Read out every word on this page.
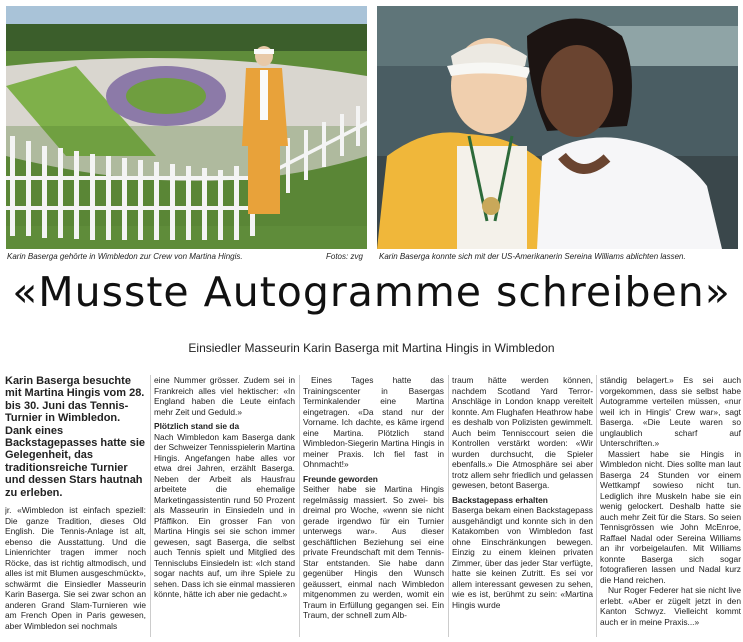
Karin Baserga gehörte in Wimbledon zur Crew von Martina Hingis.	Fotos: zvg Karin Baserga konnte sich mit der US-Amerikanerin Sereina Williams ablichten lassen.
«Musste Autogramme schreiben»
Einsiedler Masseurin Karin Baserga mit Martina Hingis in Wimbledon

Karin Baserga besuchte mit Martina Hingis vom 28. bis 30. Juni das Tennis-Turnier in Wimbledon. Dank eines Backstagepasses hatte sie Gelegenheit, das traditionsreiche Turnier und dessen Stars hautnah zu erleben.

jr. «Wimbledon ist einfach speziell: Die ganze Tradition, dieses Old English. Die Tennis-Anlage ist alt, ebenso die Ausstattung. Und die Linienrichter tragen immer noch Röcke, das ist richtig altmodisch, und alles ist mit Blumen ausgeschmückt», schwärmt die Einsiedler Masseurin Karin Baserga. Sie sei zwar schon an anderen Grand Slam-Turnieren wie am French Open in Paris gewesen, aber Wimbledon sei nochmals

eine Nummer grösser. Zudem sei in Frankreich alles viel hektischer: «In England haben die Leute einfach mehr Zeit und Geduld.»

Plötzlich stand sie da

Nach Wimbledon kam Baserga dank der Schweizer Tennisspielerin Martina Hingis. Angefangen habe alles vor etwa drei Jahren, erzählt Baserga. Neben der Arbeit als Hausfrau arbeitete die ehemalige Marketingassistentin rund 50 Prozent als Masseurin in Einsiedeln und in Pfäffikon. Ein grosser Fan von Martina Hingis sei sie schon immer gewesen, sagt Baserga, die selbst auch Tennis spielt und Mitglied des Tennisclubs Einsiedeln ist: «Ich stand sogar nachts auf, um ihre Spiele zu sehen. Dass ich sie einmal massieren könnte, hätte ich aber nie gedacht.»

Eines Tages hatte das Trainingscenter in Basergas Terminkalender eine Martina eingetragen. «Da stand nur der Vorname. Ich dachte, es käme irgend eine Martina. Plötzlich stand Wimbledon-Siegerin Martina Hingis in meiner Praxis. Ich fiel fast in Ohnmacht!»

Freunde geworden

Seither habe sie Martina Hingis regelmässig massiert. So zwei- bis dreimal pro Woche, «wenn sie nicht gerade irgendwo für ein Turnier unterwegs war». Aus dieser geschäftlichen Beziehung sei eine private Freundschaft mit dem Tennis-Star entstanden. Sie habe dann gegenüber Hingis den Wunsch geäussert, einmal nach Wimbledon mitgenommen zu werden, womit ein Traum in Erfüllung gegangen sei. Ein Traum, der schnell zum Alb-

traum hätte werden können, nachdem Scotland Yard Terror-Anschläge in London knapp vereitelt konnte. Am Flughafen Heathrow habe es deshalb von Polizisten gewimmelt. Auch beim Tennisccourt seien die Kontrollen verstärkt worden: «Wir wurden durchsucht, die Spieler ebenfalls.» Die Atmosphäre sei aber trotz allem sehr friedlich und gelassen gewesen, betont Baserga.

Backstagepass erhalten

Baserga bekam einen Backstagepass ausgehändigt und konnte sich in den Katakomben von Wimbledon fast ohne Einschränkungen bewegen. Einzig zu einem kleinen privaten Zimmer, über das jeder Star verfügte, hatte sie keinen Zutritt. Es sei vor allem interessant gewesen zu sehen, wie es ist, berühmt zu sein: «Martina Hingis wurde

ständig belagert.» Es sei auch vorgekommen, dass sie selbst habe Autogramme verteilen müssen, «nur weil ich in Hingis' Crew war», sagt Baserga. «Die Leute waren so unglaublich scharf auf Unterschriften.»

Massiert habe sie Hingis in Wimbledon nicht. Dies sollte man laut Baserga 24 Stunden vor einem Wettkampf sowieso nicht tun. Lediglich ihre Muskeln habe sie ein wenig gelockert. Deshalb hatte sie auch mehr Zeit für die Stars. So seien Tennisgrössen wie John McEnroe, Raffael Nadal oder Sereina Williams an ihr vorbeigelaufen. Mit Williams konnte Baserga sich sogar fotografieren lassen und Nadal kurz die Hand reichen.

Nur Roger Federer hat sie nicht live erlebt. «Aber er zügelt jetzt in den Kanton Schwyz. Vielleicht kommt auch er in meine Praxis...»
